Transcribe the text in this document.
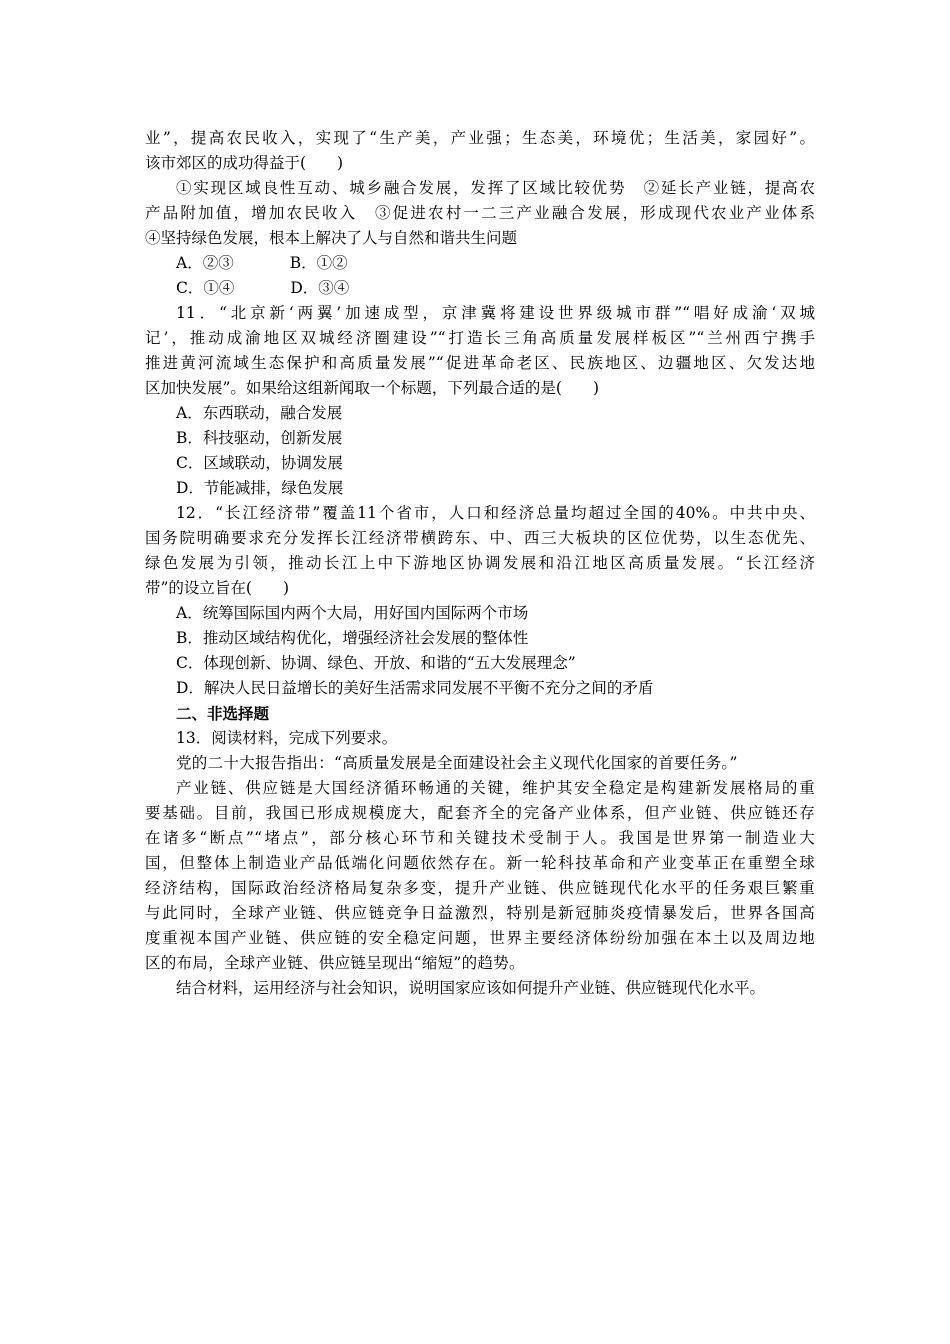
业”，提高农民收入，实现了“生产美，产业强；生态美，环境优；生活美，家园好”。
该市郊区的成功得益于(　　)
①实现区域良性互动、城乡融合发展，发挥了区域比较优势　②延长产业链，提高农
产品附加值，增加农民收入　③促进农村一二三产业融合发展，形成现代农业产业体系
④坚持绿色发展，根本上解决了人与自然和谐共生问题
A．②③	B．①②
C．①④	D．③④
11．“北京新‘两翼’加速成型，京津冀将建设世界级城市群”“唱好成渝‘双城
记’，推动成渝地区双城经济圈建设”“打造长三角高质量发展样板区”“兰州西宁携手
推进黄河流域生态保护和高质量发展”“促进革命老区、民族地区、边疆地区、欠发达地
区加快发展”。如果给这组新闻取一个标题，下列最合适的是(　　)
A．东西联动，融合发展
B．科技驱动，创新发展
C．区域联动，协调发展
D．节能减排，绿色发展
12．“长江经济带”覆盖11个省市，人口和经济总量均超过全国的40%。中共中央、
国务院明确要求充分发挥长江经济带横跨东、中、西三大板块的区位优势，以生态优先、
绿色发展为引领，推动长江上中下游地区协调发展和沿江地区高质量发展。“长江经济
带”的设立旨在(　　)
A．统筹国际国内两个大局，用好国内国际两个市场
B．推动区域结构优化，增强经济社会发展的整体性
C．体现创新、协调、绿色、开放、和谐的“五大发展理念”
D．解决人民日益增长的美好生活需求同发展不平衡不充分之间的矛盾
二、非选择题
13．阅读材料，完成下列要求。
党的二十大报告指出：“高质量发展是全面建设社会主义现代化国家的首要任务。”
产业链、供应链是大国经济循环畅通的关键，维护其安全稳定是构建新发展格局的重
要基础。目前，我国已形成规模庞大，配套齐全的完备产业体系，但产业链、供应链还存
在诸多“断点”“堵点”，部分核心环节和关键技术受制于人。我国是世界第一制造业大
国，但整体上制造业产品低端化问题依然存在。新一轮科技革命和产业变革正在重塑全球
经济结构，国际政治经济格局复杂多变，提升产业链、供应链现代化水平的任务艰巨繁重
与此同时，全球产业链、供应链竞争日益激烈，特别是新冠肺炎疫情暴发后，世界各国高
度重视本国产业链、供应链的安全稳定问题，世界主要经济体纷纷加强在本土以及周边地
区的布局，全球产业链、供应链呈现出“缩短”的趋势。
结合材料，运用经济与社会知识，说明国家应该如何提升产业链、供应链现代化水平。
